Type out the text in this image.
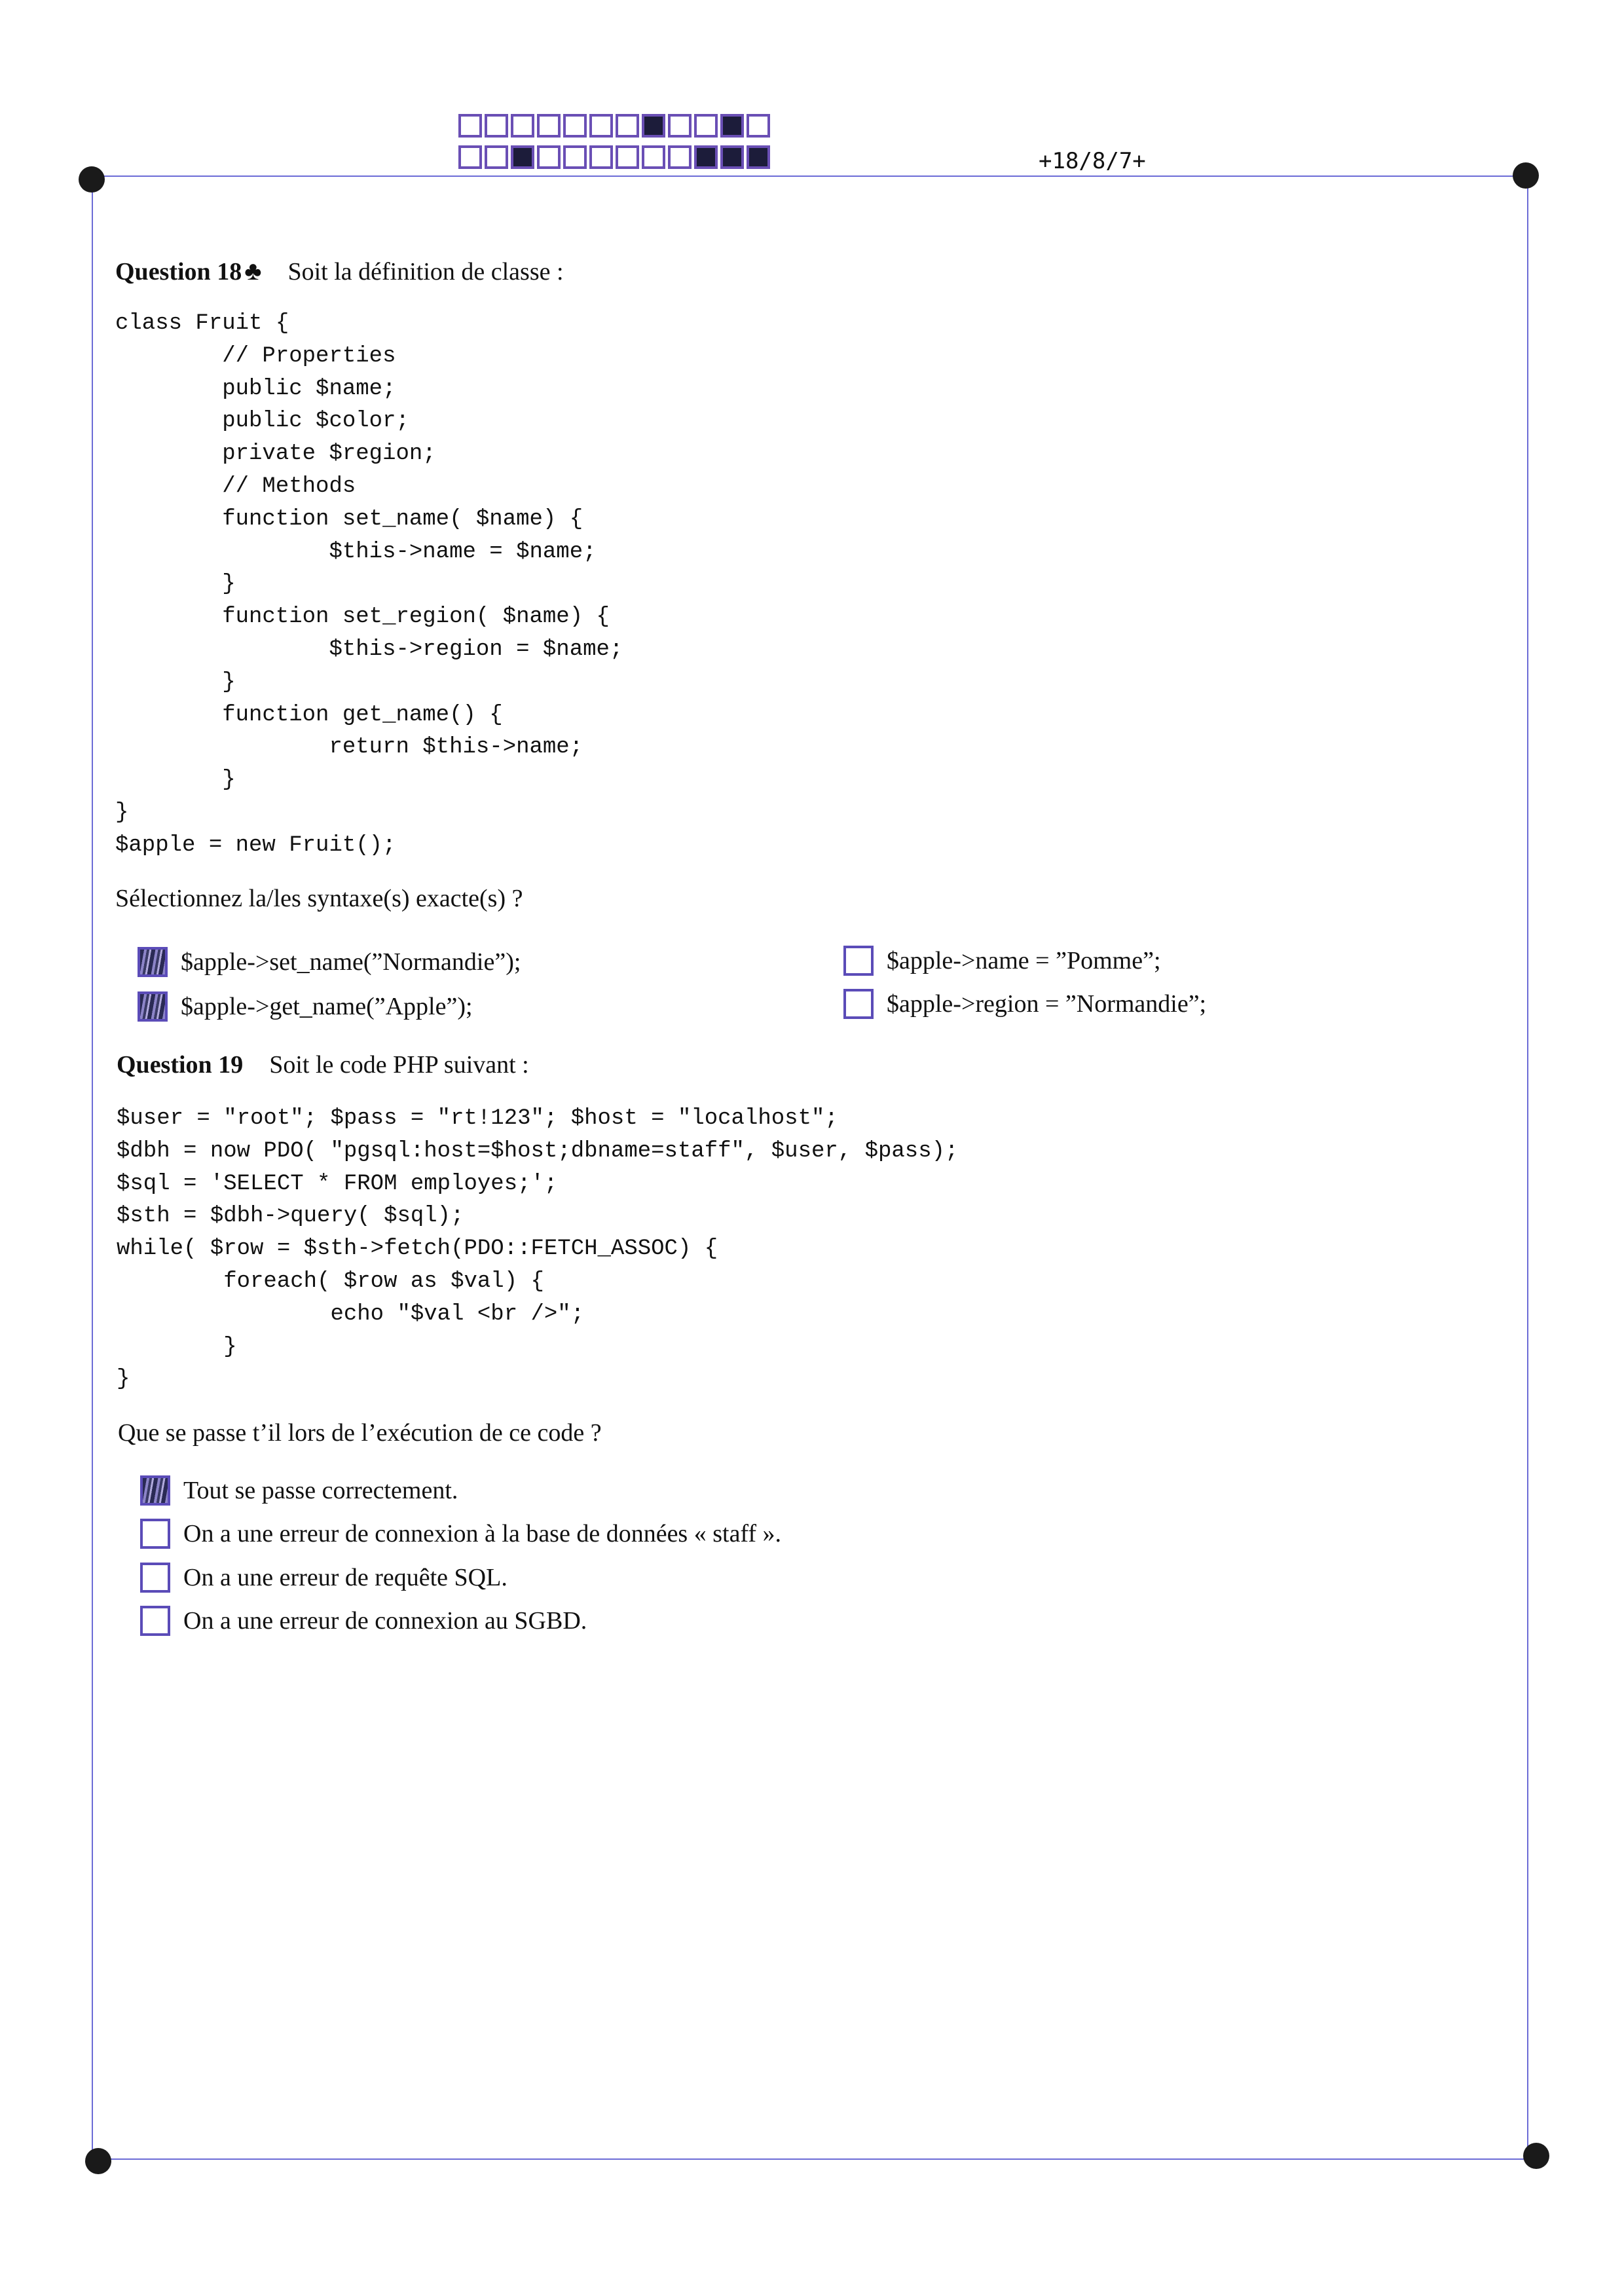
+18/8/7+
Question 18 ♣ Soit la définition de classe :
class Fruit {
// Properties
public $name;
public $color;
private $region;
// Methods
function set_name( $name) {
$this->name = $name;
}
function set_region( $name) {
$this->region = $name;
}
function get_name() {
return $this->name;
}
}
$apple = new Fruit();
Sélectionnez la/les syntaxe(s) exacte(s) ?
$apple->set_name(”Normandie”);
$apple->get_name(”Apple”);
$apple->name = ”Pomme”;
$apple->region = ”Normandie”;
Question 19 Soit le code PHP suivant :
$user = "root"; $pass = "rt!123"; $host = "localhost";
$dbh = now PDO( "pgsql:host=$host;dbname=staff", $user, $pass);
$sql = 'SELECT * FROM employes;';
$sth = $dbh->query( $sql);
while( $row = $sth->fetch(PDO::FETCH_ASSOC) {
foreach( $row as $val) {
echo "$val <br />";
}
}
Que se passe t’il lors de l’exécution de ce code ?
Tout se passe correctement.
On a une erreur de connexion à la base de données « staff ».
On a une erreur de requête SQL.
On a une erreur de connexion au SGBD.
